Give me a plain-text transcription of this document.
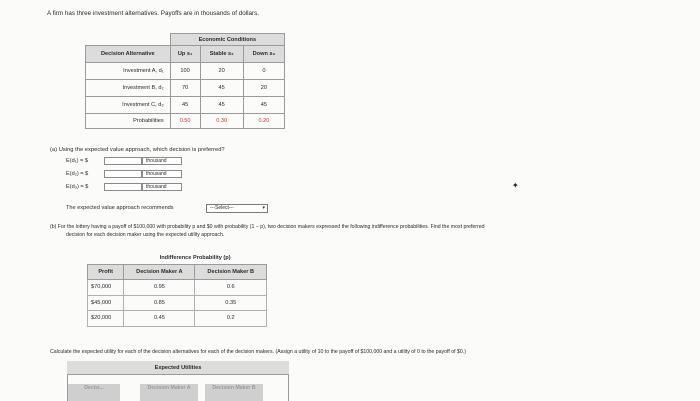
A firm has three investment alternatives. Payoffs are in thousands of dollars.
	Economic Conditions		
Decision Alternative	Up s₁	Stable s₂	Down s₃
Investment A, d₁	100	20	0
Investment B, d₂	70	45	20
Investment C, d₃	45	45	45
Probabilities	0.50	0.30	0.20
(a) Using the expected value approach, which decision is preferred?
E(d₁) = $	thousand
E(d₂) = $	thousand
E(d₃) = $	thousand
The expected value approach recommends	---Select---	▾
✦
(b) For the lottery having a payoff of $100,000 with probability p and $0 with probability (1 − p), two decision makers expressed the following indifference probabilities. Find the most preferred
decision for each decision maker using the expected utility approach.
	Indifference Probability (p)	
Profit	Decision Maker A	Decision Maker B
$70,000	0.95	0.6
$45,000	0.85	0.35
$20,000	0.45	0.2
Calculate the expected utility for each of the decision alternatives for each of the decision makers. (Assign a utility of 10 to the payoff of $100,000 and a utility of 0 to the payoff of $0.)
Expected Utilities
Decisi...	Decision Maker A	Decision Maker B
